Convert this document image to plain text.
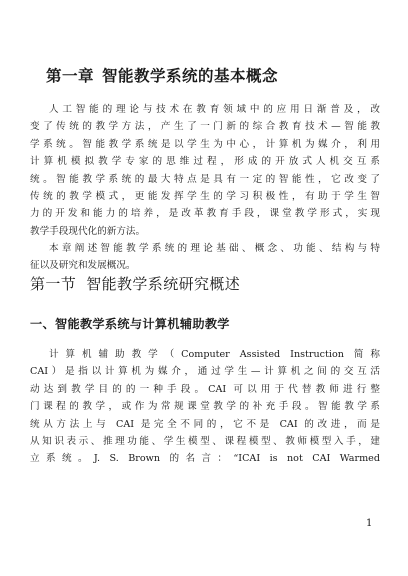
第一章 智能教学系统的基本概念

人工智能的理论与技术在教育领域中的应用日渐普及，改
变了传统的教学方法，产生了一门新的综合教育技术—智能教
学系统。智能教学系统是以学生为中心，计算机为媒介，利用
计算机模拟教学专家的思维过程，形成的开放式人机交互系
统。智能教学系统的最大特点是具有一定的智能性，它改变了
传统的教学模式，更能发挥学生的学习积极性，有助于学生智
力的开发和能力的培养，是改革教育手段，课堂教学形式，实现
教学手段现代化的新方法。

本章阐述智能教学系统的理论基础、概念、功能、结构与特
征以及研究和发展概况。

第一节 智能教学系统研究概述
一、智能教学系统与计算机辅助教学

计算机辅助教学（Computer Assisted Instruction 简称
CAI）是指以计算机为媒介，通过学生—计算机之间的交互活
动达到教学目的的一种手段。CAI 可以用于代替教师进行整
门课程的教学，或作为常规课堂教学的补充手段。智能教学系
统从方法上与 CAI 是完全不同的，它不是 CAI 的改进，而是
从知识表示、推理功能、学生模型、课程模型、教师模型入手，建
立系统。J. S. Brown 的名言：“ICAI is not CAI Warmed

1
